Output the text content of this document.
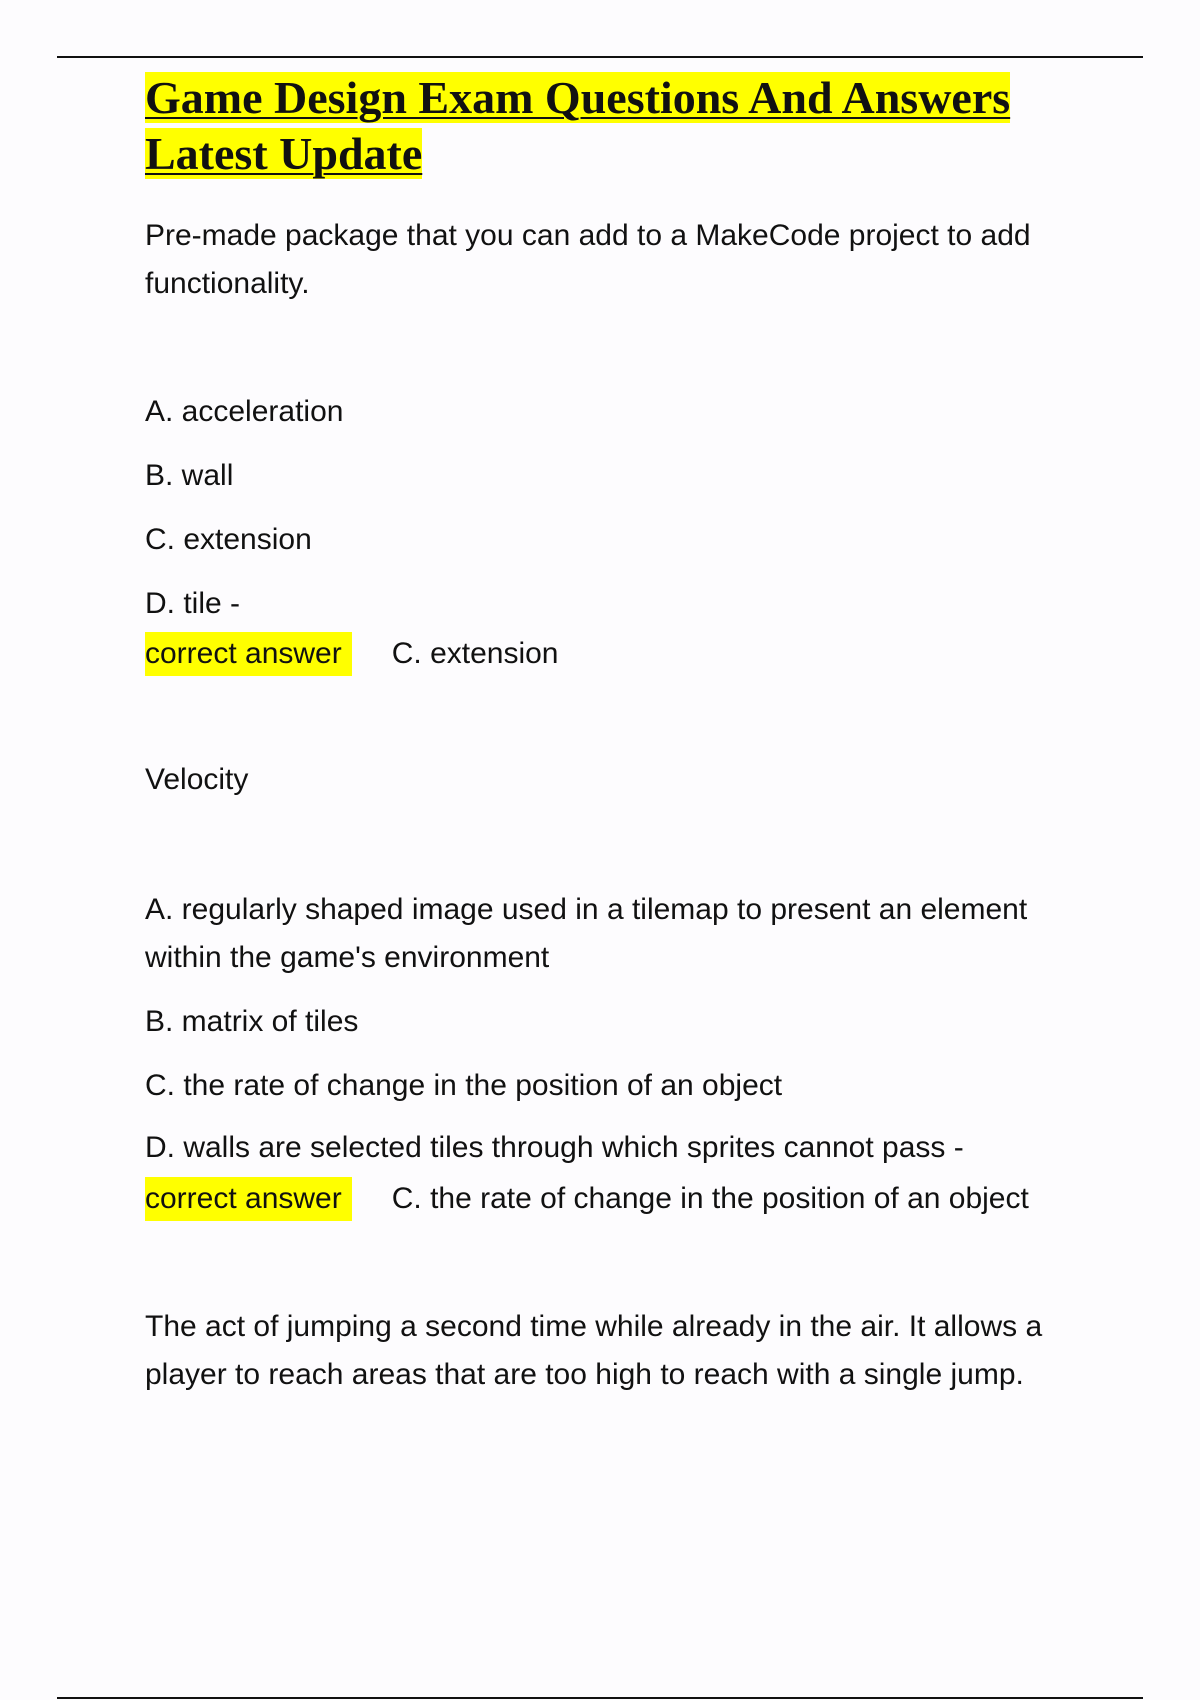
Game Design Exam Questions And Answers
Latest Update

Pre-made package that you can add to a MakeCode project to add functionality.

A. acceleration
B. wall
C. extension
D. tile -
correct answer C. extension

Velocity

A. regularly shaped image used in a tilemap to present an element within the game's environment
B. matrix of tiles
C. the rate of change in the position of an object
D. walls are selected tiles through which sprites cannot pass -
correct answer C. the rate of change in the position of an object

The act of jumping a second time while already in the air. It allows a player to reach areas that are too high to reach with a single jump.
